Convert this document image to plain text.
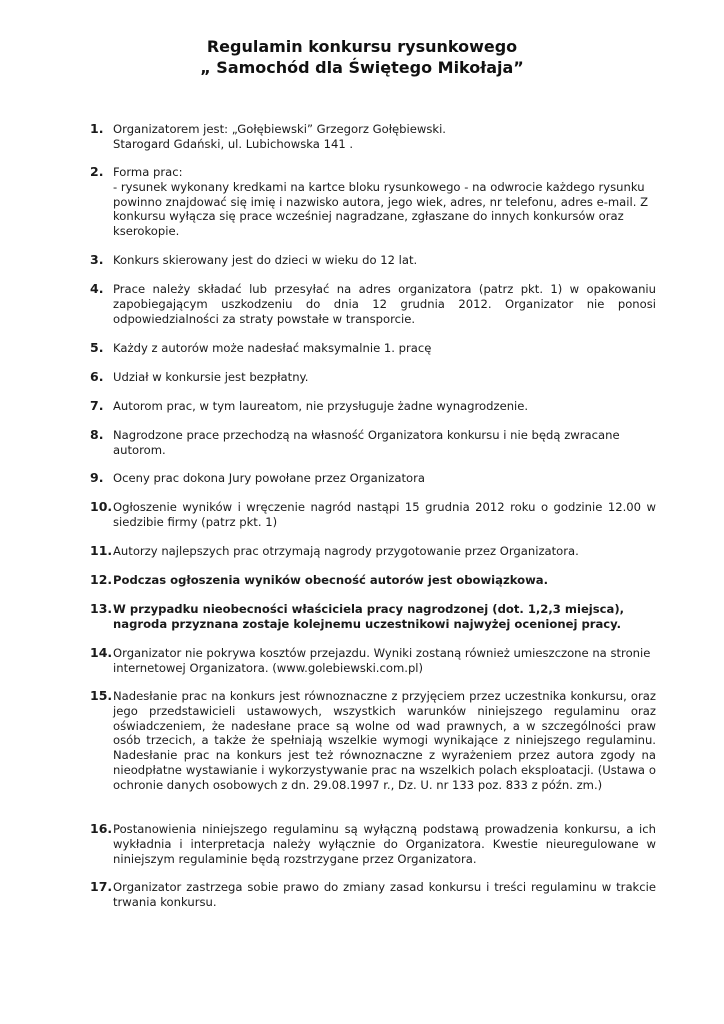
Regulamin konkursu rysunkowego
„ Samochód dla Świętego Mikołaja”
1. Organizatorem jest: „Gołębiewski” Grzegorz Gołębiewski.
Starogard Gdański, ul. Lubichowska 141 .
2. Forma prac:
- rysunek wykonany kredkami na kartce bloku rysunkowego - na odwrocie każdego rysunku powinno znajdować się imię i nazwisko autora, jego wiek, adres, nr telefonu, adres e-mail. Z konkursu wyłącza się prace wcześniej nagradzane, zgłaszane do innych konkursów oraz kserokopie.
3. Konkurs skierowany jest do dzieci w wieku do 12 lat.
4. Prace należy składać lub przesyłać na adres organizatora (patrz pkt. 1) w opakowaniu zapobiegającym uszkodzeniu do dnia 12 grudnia 2012. Organizator nie ponosi odpowiedzialności za straty powstałe w transporcie.
5. Każdy z autorów może nadesłać maksymalnie 1. pracę
6. Udział w konkursie jest bezpłatny.
7. Autorom prac, w tym laureatom, nie przysługuje żadne wynagrodzenie.
8. Nagrodzone prace przechodzą na własność Organizatora konkursu i nie będą zwracane autorom.
9. Oceny prac dokona Jury powołane przez Organizatora
10. Ogłoszenie wyników i wręczenie nagród nastąpi 15 grudnia 2012 roku o godzinie 12.00 w siedzibie firmy (patrz pkt. 1)
11. Autorzy najlepszych prac otrzymają nagrody przygotowanie przez Organizatora.
12. Podczas ogłoszenia wyników obecność autorów jest obowiązkowa.
13. W przypadku nieobecności właściciela pracy nagrodzonej (dot. 1,2,3 miejsca), nagroda przyznana zostaje kolejnemu uczestnikowi najwyżej ocenionej pracy.
14. Organizator nie pokrywa kosztów przejazdu. Wyniki zostaną również umieszczone na stronie internetowej Organizatora. (www.golebiewski.com.pl)
15. Nadesłanie prac na konkurs jest równoznaczne z przyjęciem przez uczestnika konkursu, oraz jego przedstawicieli ustawowych, wszystkich warunków niniejszego regulaminu oraz oświadczeniem, że nadesłane prace są wolne od wad prawnych, a w szczególności praw osób trzecich, a także że spełniają wszelkie wymogi wynikające z niniejszego regulaminu. Nadesłanie prac na konkurs jest też równoznaczne z wyrażeniem przez autora zgody na nieodpłatne wystawianie i wykorzystywanie prac na wszelkich polach eksploatacji. (Ustawa o ochronie danych osobowych z dn. 29.08.1997 r., Dz. U. nr 133 poz. 833 z późn. zm.)
16. Postanowienia niniejszego regulaminu są wyłączną podstawą prowadzenia konkursu, a ich wykładnia i interpretacja należy wyłącznie do Organizatora. Kwestie nieuregulowane w niniejszym regulaminie będą rozstrzygane przez Organizatora.
17. Organizator zastrzega sobie prawo do zmiany zasad konkursu i treści regulaminu w trakcie trwania konkursu.
